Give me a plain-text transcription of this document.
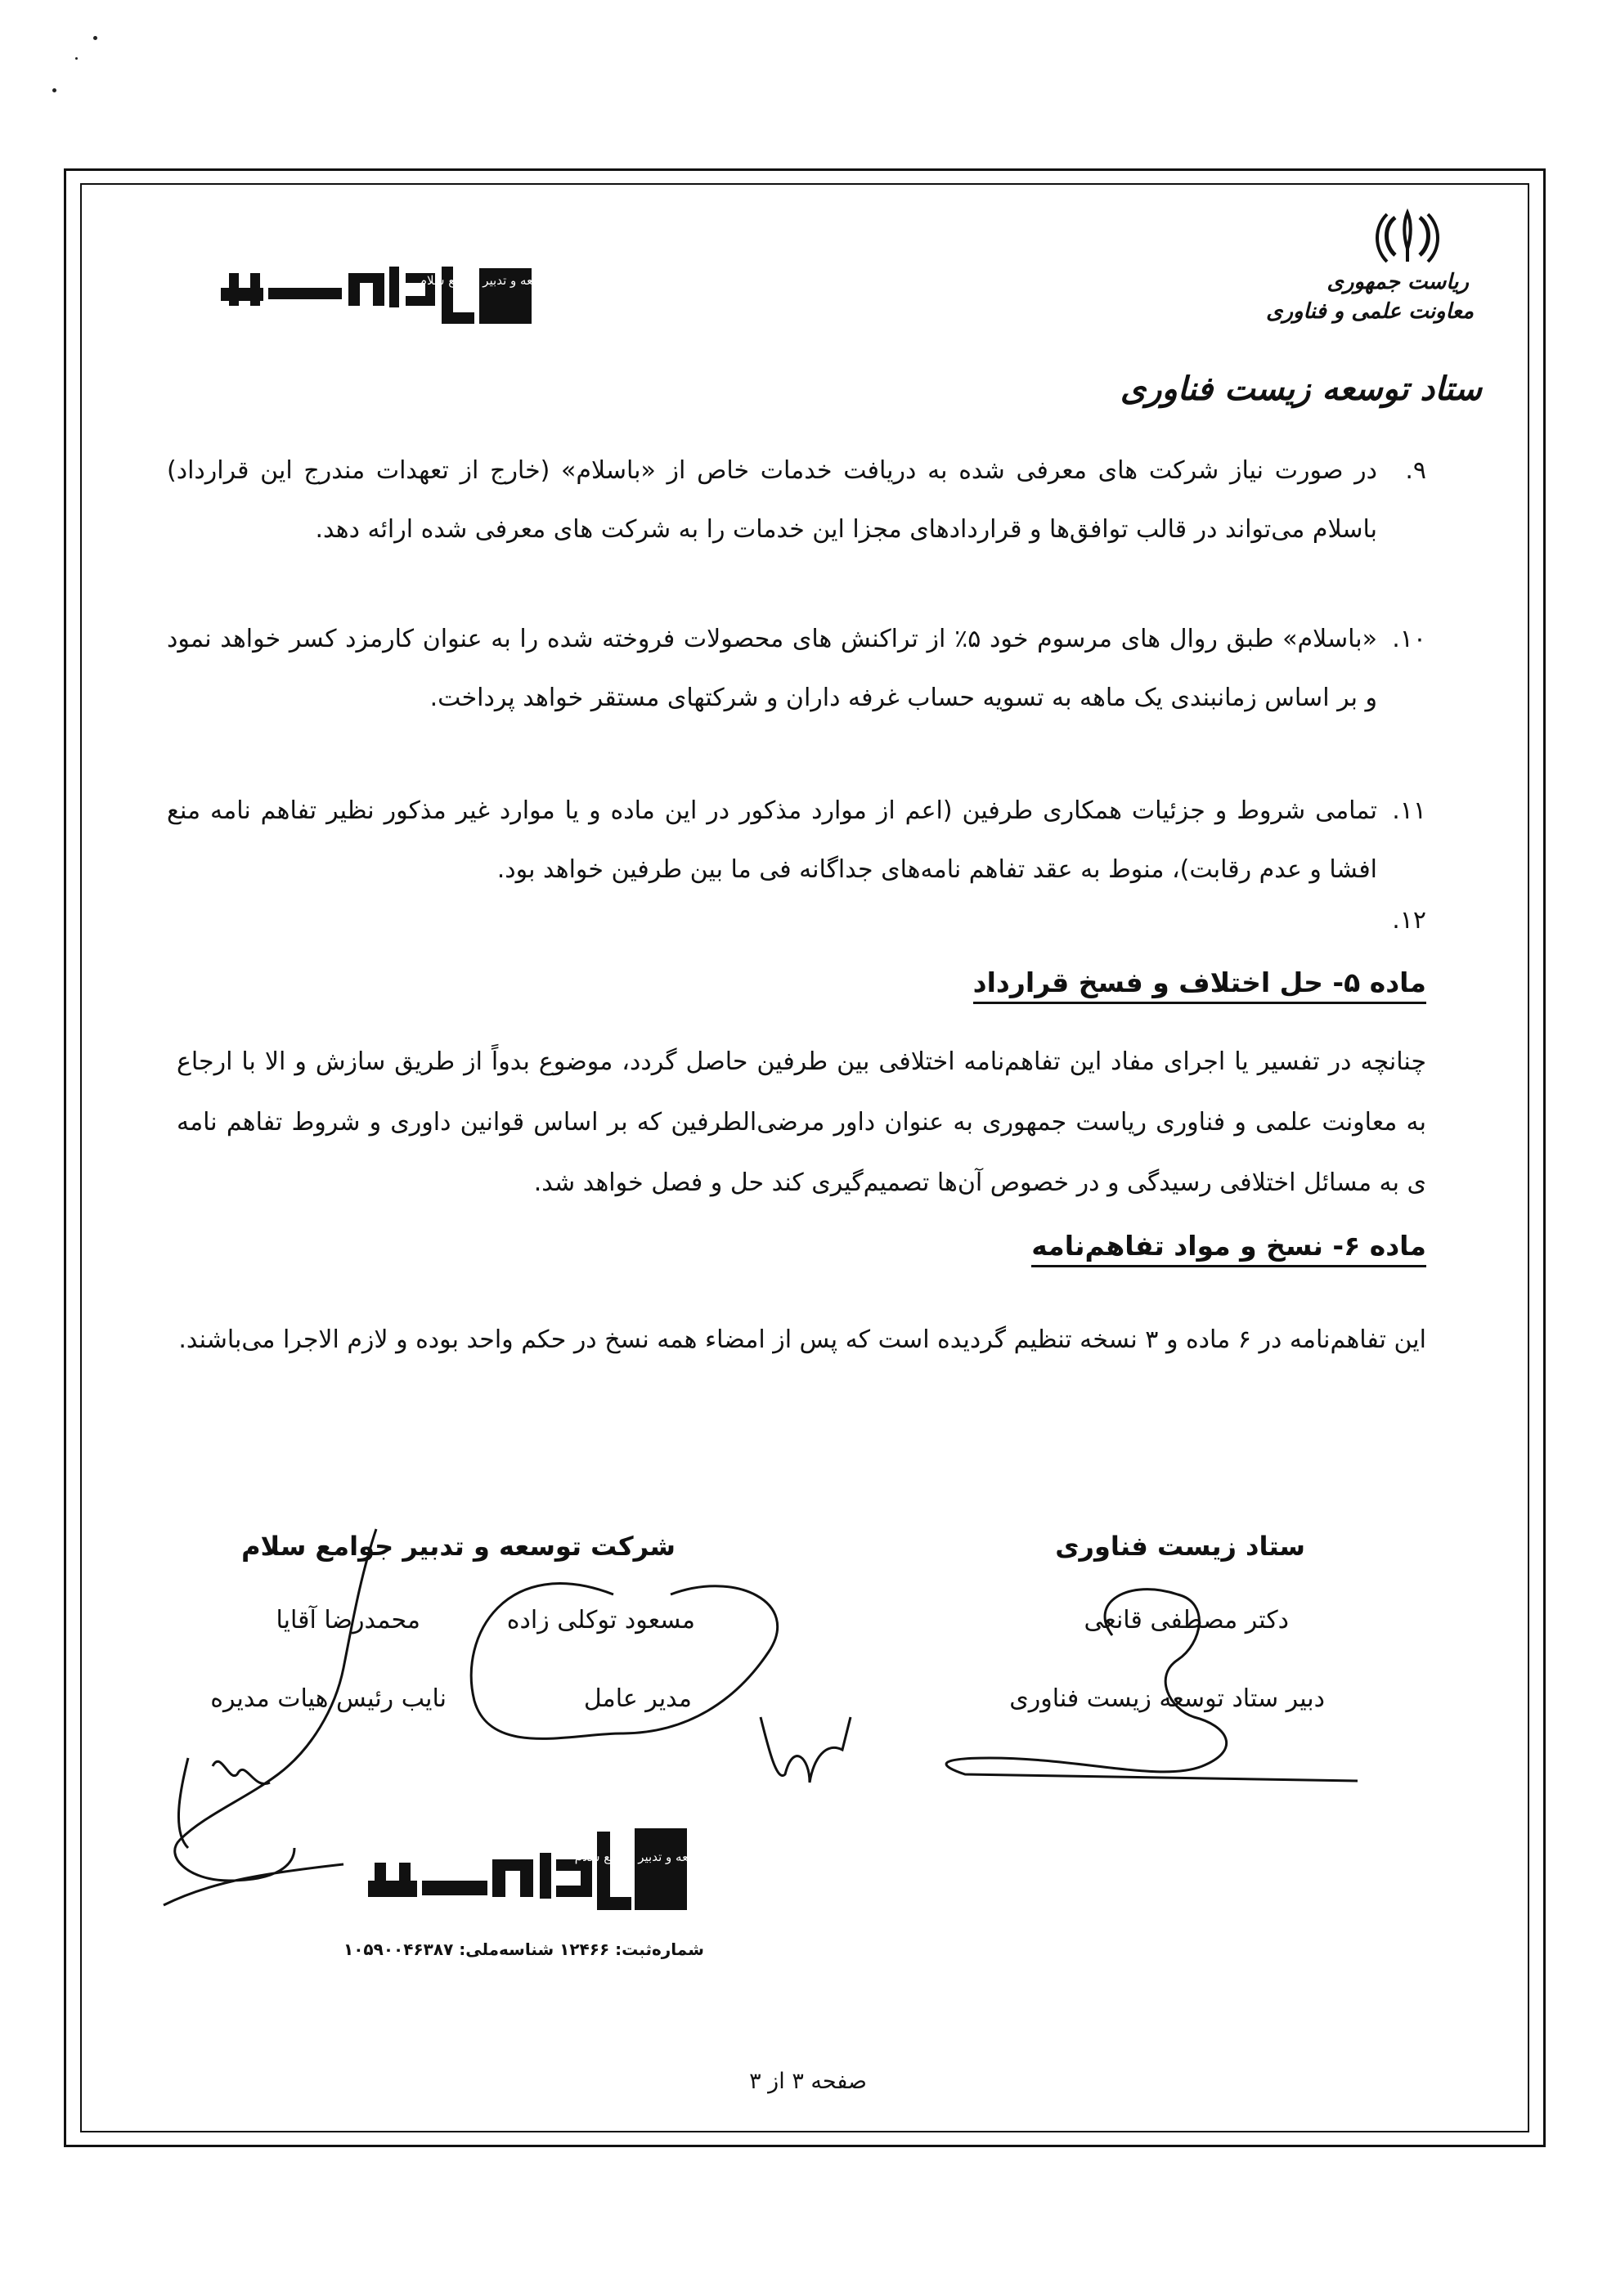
ریاست جمهوری
معاونت علمی و فناوری
ستاد توسعه زیست فناوری
شرکت توسعه و تدبیر جوامع سلام
۹.
در صورت نیاز شرکت های معرفی شده به دریافت خدمات خاص از «باسلام» (خارج از تعهدات مندرج این قرارداد) باسلام می‌تواند در قالب توافق‌ها و قراردادهای مجزا این خدمات را به شرکت های معرفی شده ارائه دهد.
۱۰.
«باسلام» طبق روال های مرسوم خود ۵٪ از تراکنش های محصولات فروخته شده را به عنوان کارمزد کسر خواهد نمود و بر اساس زمانبندی یک ماهه به تسویه حساب غرفه داران و شرکتهای مستقر خواهد پرداخت.
۱۱.
تمامی شروط و جزئیات همکاری طرفین (اعم از موارد مذکور در این ماده و یا موارد غیر مذکور نظیر تفاهم نامه منع افشا و عدم رقابت)، منوط به عقد تفاهم نامه‌های جداگانه فی ما بین طرفین خواهد بود.
۱۲.
ماده ۵- حل اختلاف و فسخ قرارداد
چنانچه در تفسیر یا اجرای مفاد این تفاهم‌نامه اختلافی بین طرفین حاصل گردد، موضوع بدواً از طریق سازش و الا با ارجاع به معاونت علمی و فناوری ریاست جمهوری به عنوان داور مرضی‌الطرفین که بر اساس قوانین داوری و شروط تفاهم نامه ی به مسائل اختلافی رسیدگی و در خصوص آن‌ها تصمیم‌گیری کند حل و فصل خواهد شد.
ماده ۶- نسخ و مواد تفاهم‌نامه
این تفاهم‌نامه در ۶ ماده و ۳ نسخه تنظیم گردیده است که پس از امضاء همه نسخ در حکم واحد بوده و لازم الاجرا می‌باشند.
ستاد زیست فناوری
دکتر مصطفی قانعی
دبیر ستاد توسعه زیست فناوری
شرکت توسعه و تدبیر جوامع سلام
مسعود توکلی زاده
مدیر عامل
محمدرضا آقایا
نایب رئیس هیات مدیره
شرکت توسعه و تدبیر جوامع سلام
شماره‌ثبت: ۱۲۴۶۶ شناسه‌ملی: ۱۰۵۹۰۰۴۶۳۸۷
صفحه ۳ از ۳
